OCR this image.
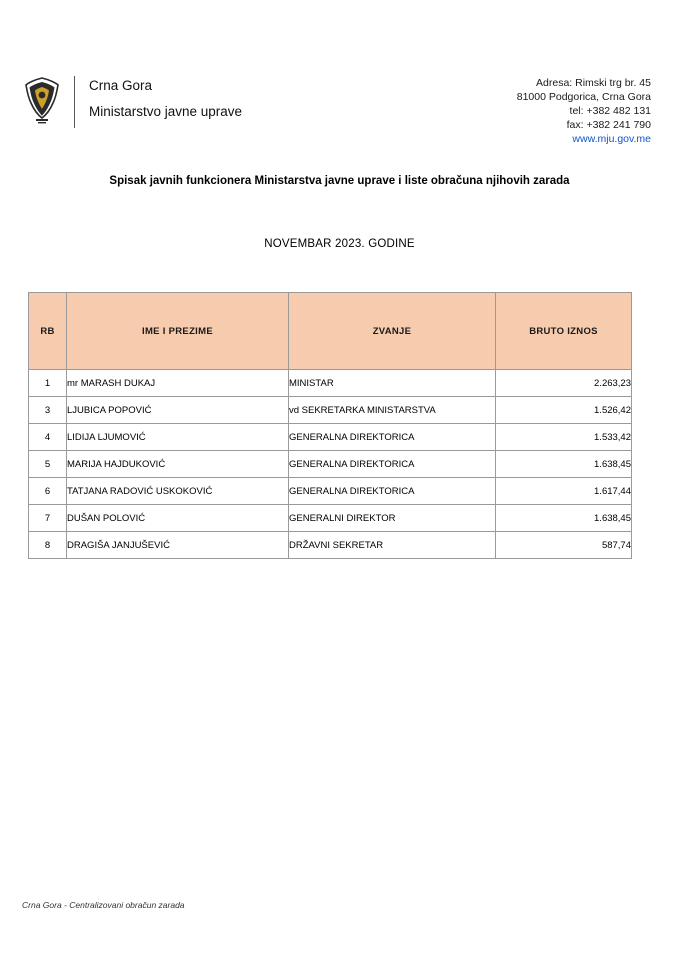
Crna Gora
Ministarstvo javne uprave
Adresa: Rimski trg br. 45
81000 Podgorica, Crna Gora
tel: +382 482 131
fax: +382 241 790
www.mju.gov.me
Spisak javnih funkcionera Ministarstva javne uprave i liste obračuna njihovih zarada
NOVEMBAR 2023. GODINE
RB	IME I PREZIME	ZVANJE	BRUTO IZNOS
1	mr MARASH DUKAJ	MINISTAR	2.263,23
3	LJUBICA POPOVIĆ	vd SEKRETARKA MINISTARSTVA	1.526,42
4	LIDIJA LJUMOVIĆ	GENERALNA DIREKTORICA	1.533,42
5	MARIJA HAJDUKOVIĆ	GENERALNA DIREKTORICA	1.638,45
6	TATJANA RADOVIĆ USKOKOVIĆ	GENERALNA DIREKTORICA	1.617,44
7	DUŠAN POLOVIĆ	GENERALNI DIREKTOR	1.638,45
8	DRAGIŠA JANJUŠEVIĆ	DRŽAVNI SEKRETAR	587,74
Crna Gora - Centralizovani obračun zarada
